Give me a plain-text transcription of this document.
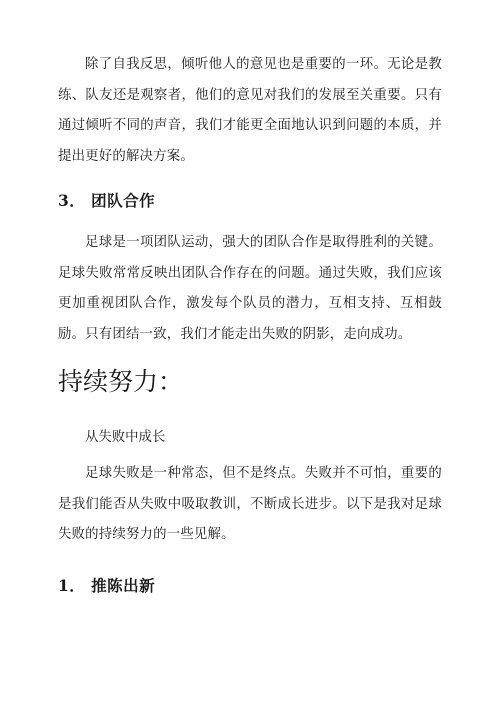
除了自我反思，倾听他人的意见也是重要的一环。无论是教练、队友还是观察者，他们的意见对我们的发展至关重要。只有通过倾听不同的声音，我们才能更全面地认识到问题的本质，并提出更好的解决方案。

3． 团队合作

足球是一项团队运动，强大的团队合作是取得胜利的关键。足球失败常常反映出团队合作存在的问题。通过失败，我们应该更加重视团队合作，激发每个队员的潜力，互相支持、互相鼓励。只有团结一致，我们才能走出失败的阴影，走向成功。

持续努力：

从失败中成长

足球失败是一种常态，但不是终点。失败并不可怕，重要的是我们能否从失败中吸取教训，不断成长进步。以下是我对足球失败的持续努力的一些见解。

1． 推陈出新
